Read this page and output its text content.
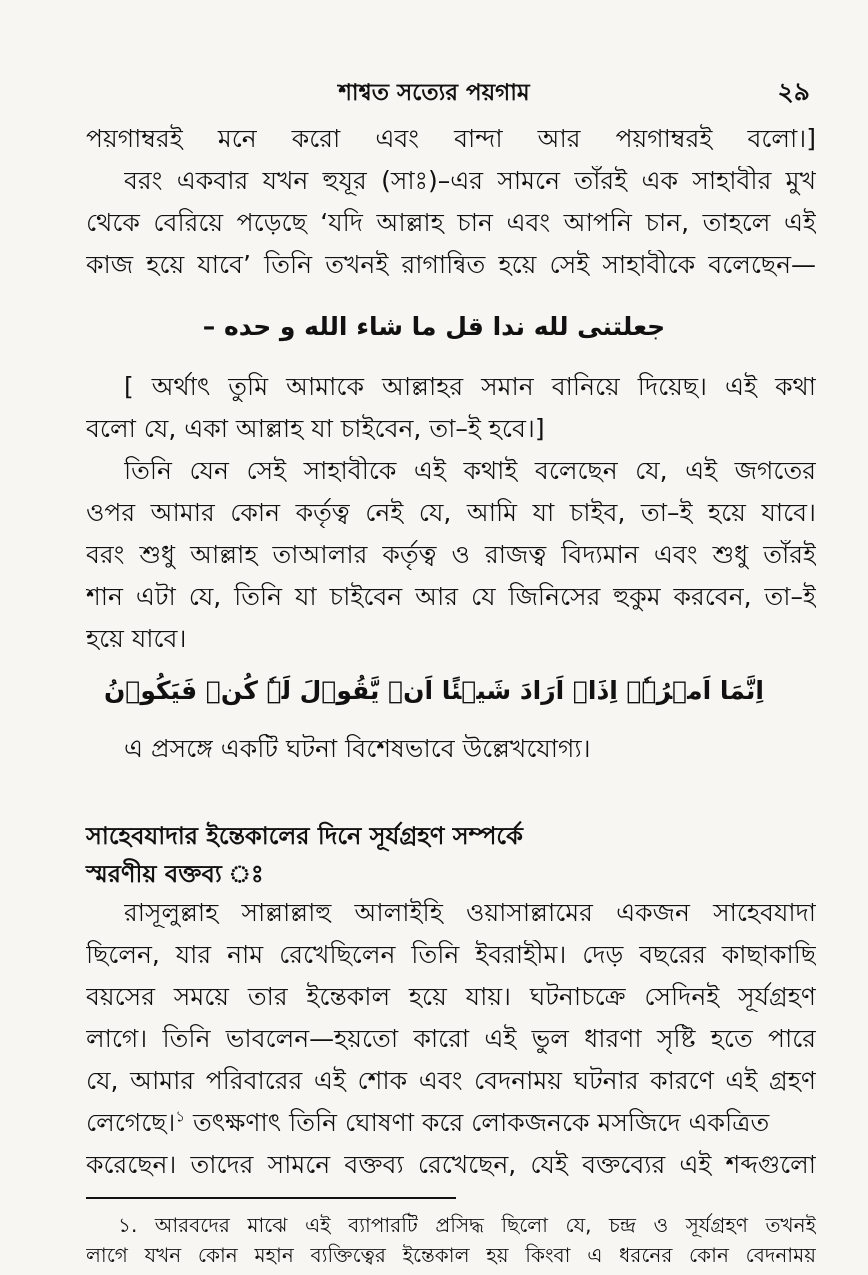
শাশ্বত সত্যের পয়গাম	২৯
পয়গাম্বরই মনে করো এবং বান্দা আর পয়গাম্বরই বলো।]
বরং একবার যখন হুযূর (সাঃ)–এর সামনে তাঁরই এক সাহাবীর মুখ
থেকে বেরিয়ে পড়েছে ‘যদি আল্লাহ চান এবং আপনি চান, তাহলে এই
কাজ হয়ে যাবে’ তিনি তখনই রাগান্বিত হয়ে সেই সাহাবীকে বলেছেন—
جعلتنى لله ندا قل ما شاء الله و حده –
[ অর্থাৎ তুমি আমাকে আল্লাহর সমান বানিয়ে দিয়েছ। এই কথা
বলো যে, একা আল্লাহ যা চাইবেন, তা–ই হবে।]
তিনি যেন সেই সাহাবীকে এই কথাই বলেছেন যে, এই জগতের
ওপর আমার কোন কর্তৃত্ব নেই যে, আমি যা চাইব, তা–ই হয়ে যাবে।
বরং শুধু আল্লাহ তাআলার কর্তৃত্ব ও রাজত্ব বিদ্যমান এবং শুধু তাঁরই
শান এটা যে, তিনি যা চাইবেন আর যে জিনিসের হুকুম করবেন, তা–ই
হয়ে যাবে।
اِنَّمَا اَمۡرُہٗۤ اِذَاۤ اَرَادَ شَیۡئًا اَنۡ یَّقُوۡلَ لَہٗ کُنۡ فَیَکُوۡنُ
এ প্রসঙ্গে একটি ঘটনা বিশেষভাবে উল্লেখযোগ্য।
সাহেবযাদার ইন্তেকালের দিনে সূর্যগ্রহণ সম্পর্কে
স্মরণীয় বক্তব্য ঃ
রাসূলুল্লাহ সাল্লাল্লাহু আলাইহি ওয়াসাল্লামের একজন সাহেবযাদা
ছিলেন, যার নাম রেখেছিলেন তিনি ইবরাহীম। দেড় বছরের কাছাকাছি
বয়সের সময়ে তার ইন্তেকাল হয়ে যায়। ঘটনাচক্রে সেদিনই সূর্যগ্রহণ
লাগে। তিনি ভাবলেন—হয়তো কারো এই ভুল ধারণা সৃষ্টি হতে পারে
যে, আমার পরিবারের এই শোক এবং বেদনাময় ঘটনার কারণে এই গ্রহণ
লেগেছে।$^১$ তৎক্ষণাৎ তিনি ঘোষণা করে লোকজনকে মসজিদে একত্রিত
করেছেন। তাদের সামনে বক্তব্য রেখেছেন, যেই বক্তব্যের এই শব্দগুলো
১. আরবদের মাঝে এই ব্যাপারটি প্রসিদ্ধ ছিলো যে, চন্দ্র ও সূর্যগ্রহণ তখনই
লাগে যখন কোন মহান ব্যক্তিত্বের ইন্তেকাল হয় কিংবা এ ধরনের কোন বেদনাময়
